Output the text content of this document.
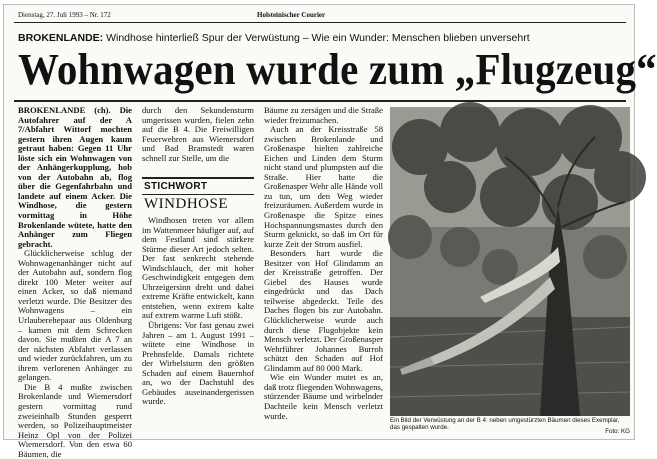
Dienstag, 27. Juli 1993 – Nr. 172	Holsteinischer Courier
BROKENLANDE: Windhose hinterließ Spur der Verwüstung – Wie ein Wunder: Menschen blieben unversehrt
Wohnwagen wurde zum „Flugzeug“

BROKENLANDE (ch). Die Autofahrer auf der A 7/Abfahrt Wittorf mochten gestern ihren Augen kaum getraut haben: Gegen 11 Uhr löste sich ein Wohnwagen von der Anhängerkupplung, hob von der Autobahn ab, flog über die Gegenfahrbahn und landete auf einem Acker. Die Windhose, die gestern vormittag in Höhe Brokenlande wütete, hatte den Anhänger zum Fliegen gebracht.

Glücklicherweise schlug der Wohnwagenanhänger nicht auf der Autobahn auf, sondern flog direkt 100 Meter weiter auf einen Acker, so daß niemand verletzt wurde. Die Besitzer des Wohnwagens – ein Urlauberehepaar aus Oldenburg – kamen mit dem Schrecken davon. Sie mußten die A 7 an der nächsten Abfahrt verlassen und wieder zurückfahren, um zu ihrem verlorenen Anhänger zu gelangen.

Die B 4 mußte zwischen Brokenlande und Wiemersdorf gestern vormittag rund zweieinhalb Stunden gesperrt werden, so Polizeihauptmeister Heinz Opl von der Polizei Wiemersdorf. Von den etwa 60 Bäumen, die

durch den Sekundensturm umgerissen wurden, fielen zehn auf die B 4. Die Freiwilligen Feuerwehren aus Wiemersdorf und Bad Bramstedt waren schnell zur Stelle, um die

STICHWORT
WINDHOSE

Windhosen treten vor allem im Wattenmeer häufiger auf, auf dem Festland sind stärkere Stürme dieser Art jedoch selten. Der fast senkrecht stehende Windschlauch, der mit hoher Geschwindigkeit entgegen dem Uhrzeigersinn dreht und dabei extreme Kräfte entwickelt, kann entstehen, wenn extrem kalte auf extrem warme Luft stößt.

Übrigens: Vor fast genau zwei Jahren – am 1. August 1991 – wütete eine Windhose in Prehnsfelde. Damals richtete der Wirbelsturm den größten Schaden auf einem Bauernhof an, wo der Dachstuhl des Gebäudes auseinandergerissen wurde.

Bäume zu zersägen und die Straße wieder freizumachen.

Auch an der Kreisstraße 58 zwischen Brokenlande und Großenaspe hielten zahlreiche Eichen und Linden dem Sturm nicht stand und plumpsten auf die Straße. Hier hatte die Großenasper Wehr alle Hände voll zu tun, um den Weg wieder freizuräumen. Außerdem wurde in Großenaspe die Spitze eines Hochspannungsmastes durch den Sturm geknickt, so daß im Ort für kurze Zeit der Strom ausfiel.

Besonders hart wurde die Besitzer von Hof Glindamm an der Kreisstraße getroffen. Der Giebel des Hauses wurde eingedrückt und das Dach teilweise abgedeckt. Teile des Daches flogen bis zur Autobahn. Glücklicherweise wurde auch durch diese Flugobjekte kein Mensch verletzt. Der Großenasper Wehrführer Johannes Burroh schätzt den Schaden auf Hof Glindamm auf 80 000 Mark.

Wie ein Wunder mutet es an, daß trotz fliegenden Wohnwagens, stürzender Bäume und wirbelnder Dachteile kein Mensch verletzt wurde.	Ein Bild der Verwüstung an der B 4: neben umgestürzten Bäumen dieses Exemplar, das gespalten wurde.
Foto: KG
